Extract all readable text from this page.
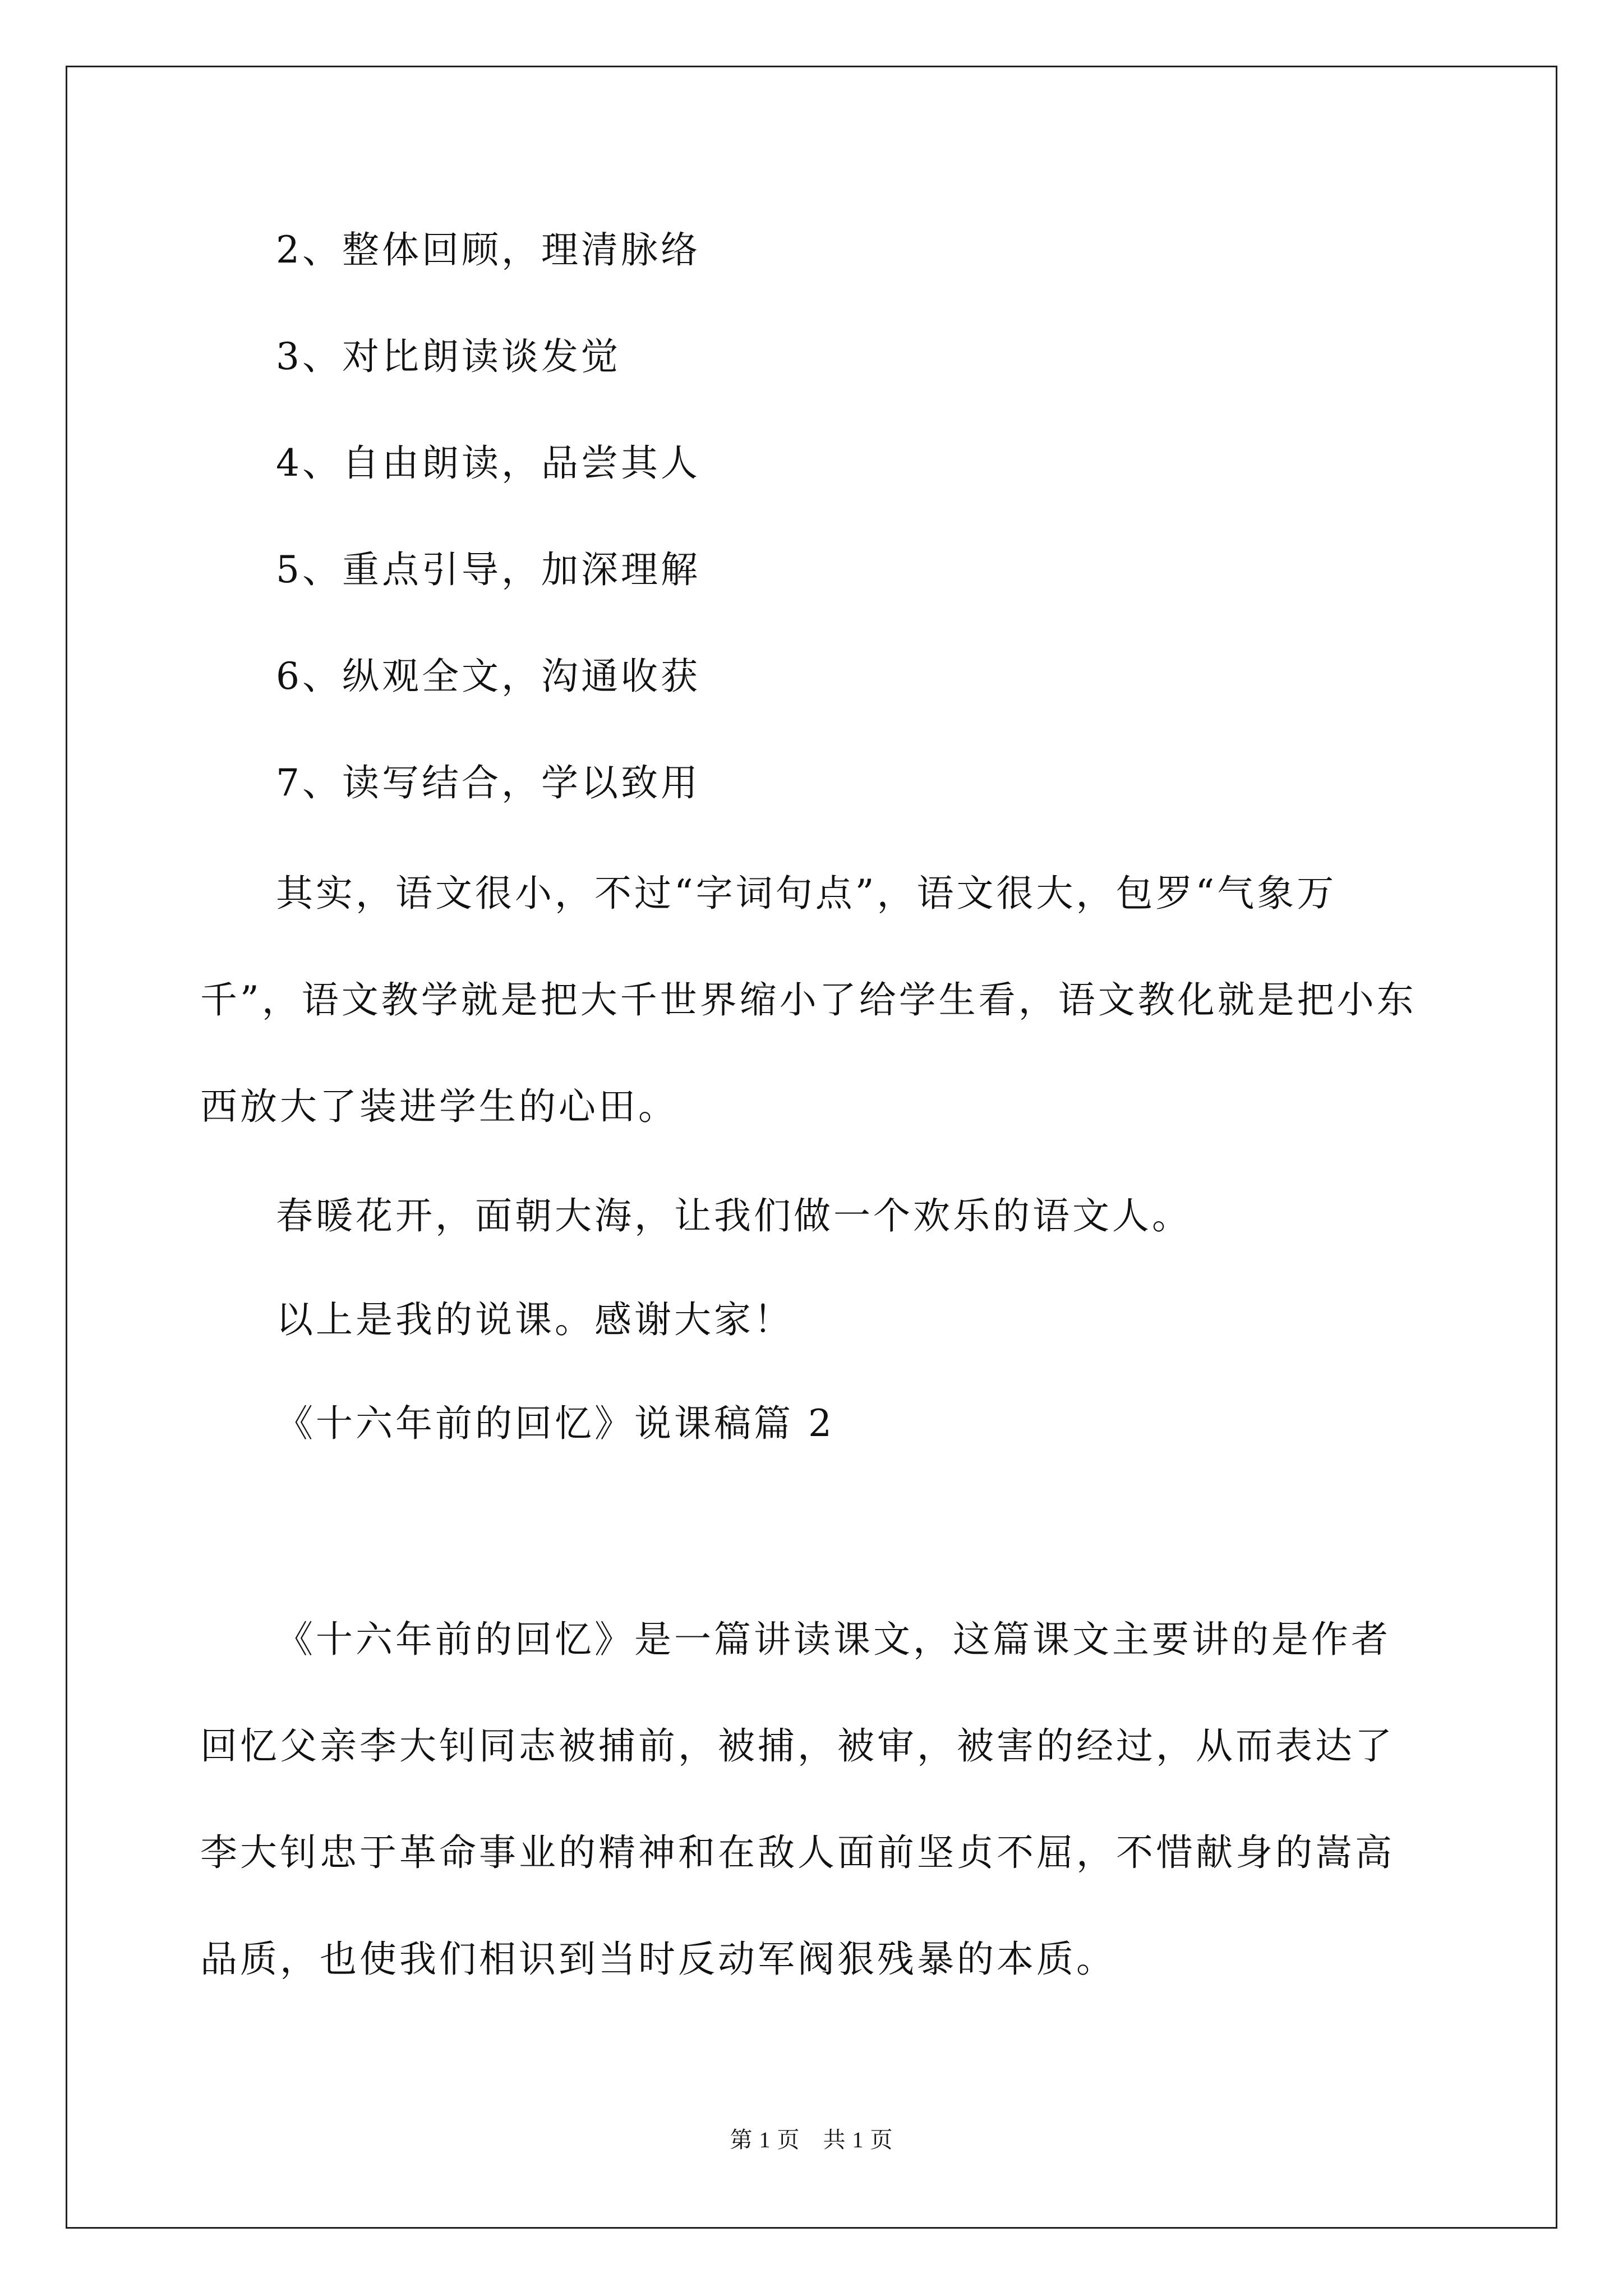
2、整体回顾，理清脉络

3、对比朗读谈发觉

4、自由朗读，品尝其人

5、重点引导，加深理解

6、纵观全文，沟通收获

7、读写结合，学以致用

其实，语文很小，不过“字词句点”，语文很大，包罗“气象万

千”，语文教学就是把大千世界缩小了给学生看，语文教化就是把小东

西放大了装进学生的心田。

春暖花开，面朝大海，让我们做一个欢乐的语文人。

以上是我的说课。感谢大家！

《十六年前的回忆》说课稿篇 2

《十六年前的回忆》是一篇讲读课文，这篇课文主要讲的是作者

回忆父亲李大钊同志被捕前，被捕，被审，被害的经过，从而表达了

李大钊忠于革命事业的精神和在敌人面前坚贞不屈，不惜献身的嵩高

品质，也使我们相识到当时反动军阀狠残暴的本质。

第 1 页　共 1 页
